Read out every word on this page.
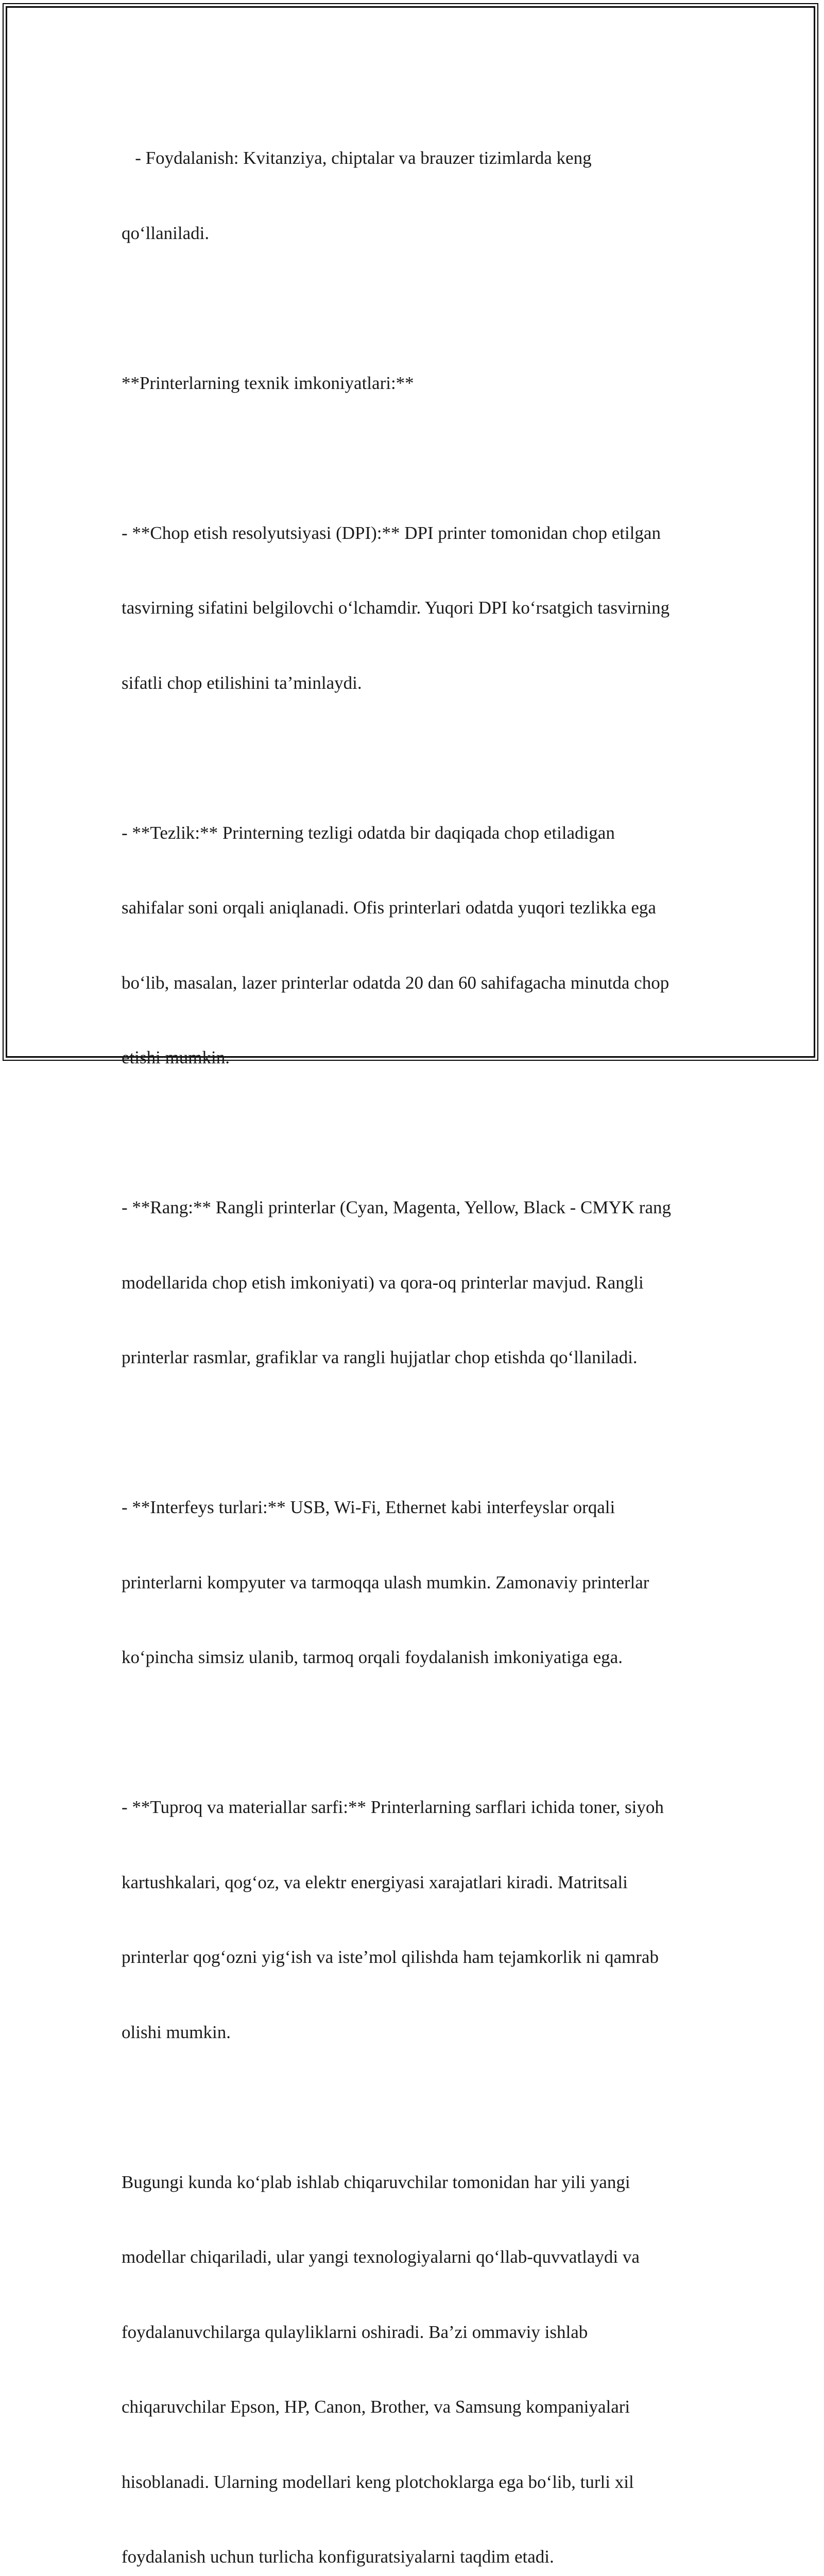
- Foydalanish: Kvitanziya, chiptalar va brauzer tizimlarda keng

qo‘llaniladi.

**Printerlarning texnik imkoniyatlari:**

- **Chop etish resolyutsiyasi (DPI):** DPI printer tomonidan chop etilgan

tasvirning sifatini belgilovchi o‘lchamdir. Yuqori DPI ko‘rsatgich tasvirning

sifatli chop etilishini ta’minlaydi.

- **Tezlik:** Printerning tezligi odatda bir daqiqada chop etiladigan

sahifalar soni orqali aniqlanadi. Ofis printerlari odatda yuqori tezlikka ega

bo‘lib, masalan, lazer printerlar odatda 20 dan 60 sahifagacha minutda chop

etishi mumkin.

- **Rang:** Rangli printerlar (Cyan, Magenta, Yellow, Black - CMYK rang

modellarida chop etish imkoniyati) va qora-oq printerlar mavjud. Rangli

printerlar rasmlar, grafiklar va rangli hujjatlar chop etishda qo‘llaniladi.

- **Interfeys turlari:** USB, Wi-Fi, Ethernet kabi interfeyslar orqali

printerlarni kompyuter va tarmoqqa ulash mumkin. Zamonaviy printerlar

ko‘pincha simsiz ulanib, tarmoq orqali foydalanish imkoniyatiga ega.

- **Tuproq va materiallar sarfi:** Printerlarning sarflari ichida toner, siyoh

kartushkalari, qog‘oz, va elektr energiyasi xarajatlari kiradi. Matritsali

printerlar qog‘ozni yig‘ish va iste’mol qilishda ham tejamkorlik ni qamrab

olishi mumkin.

Bugungi kunda ko‘plab ishlab chiqaruvchilar tomonidan har yili yangi

modellar chiqariladi, ular yangi texnologiyalarni qo‘llab-quvvatlaydi va

foydalanuvchilarga qulayliklarni oshiradi. Ba’zi ommaviy ishlab

chiqaruvchilar Epson, HP, Canon, Brother, va Samsung kompaniyalari

hisoblanadi. Ularning modellari keng plotchoklarga ega bo‘lib, turli xil

foydalanish uchun turlicha konfiguratsiyalarni taqdim etadi.
